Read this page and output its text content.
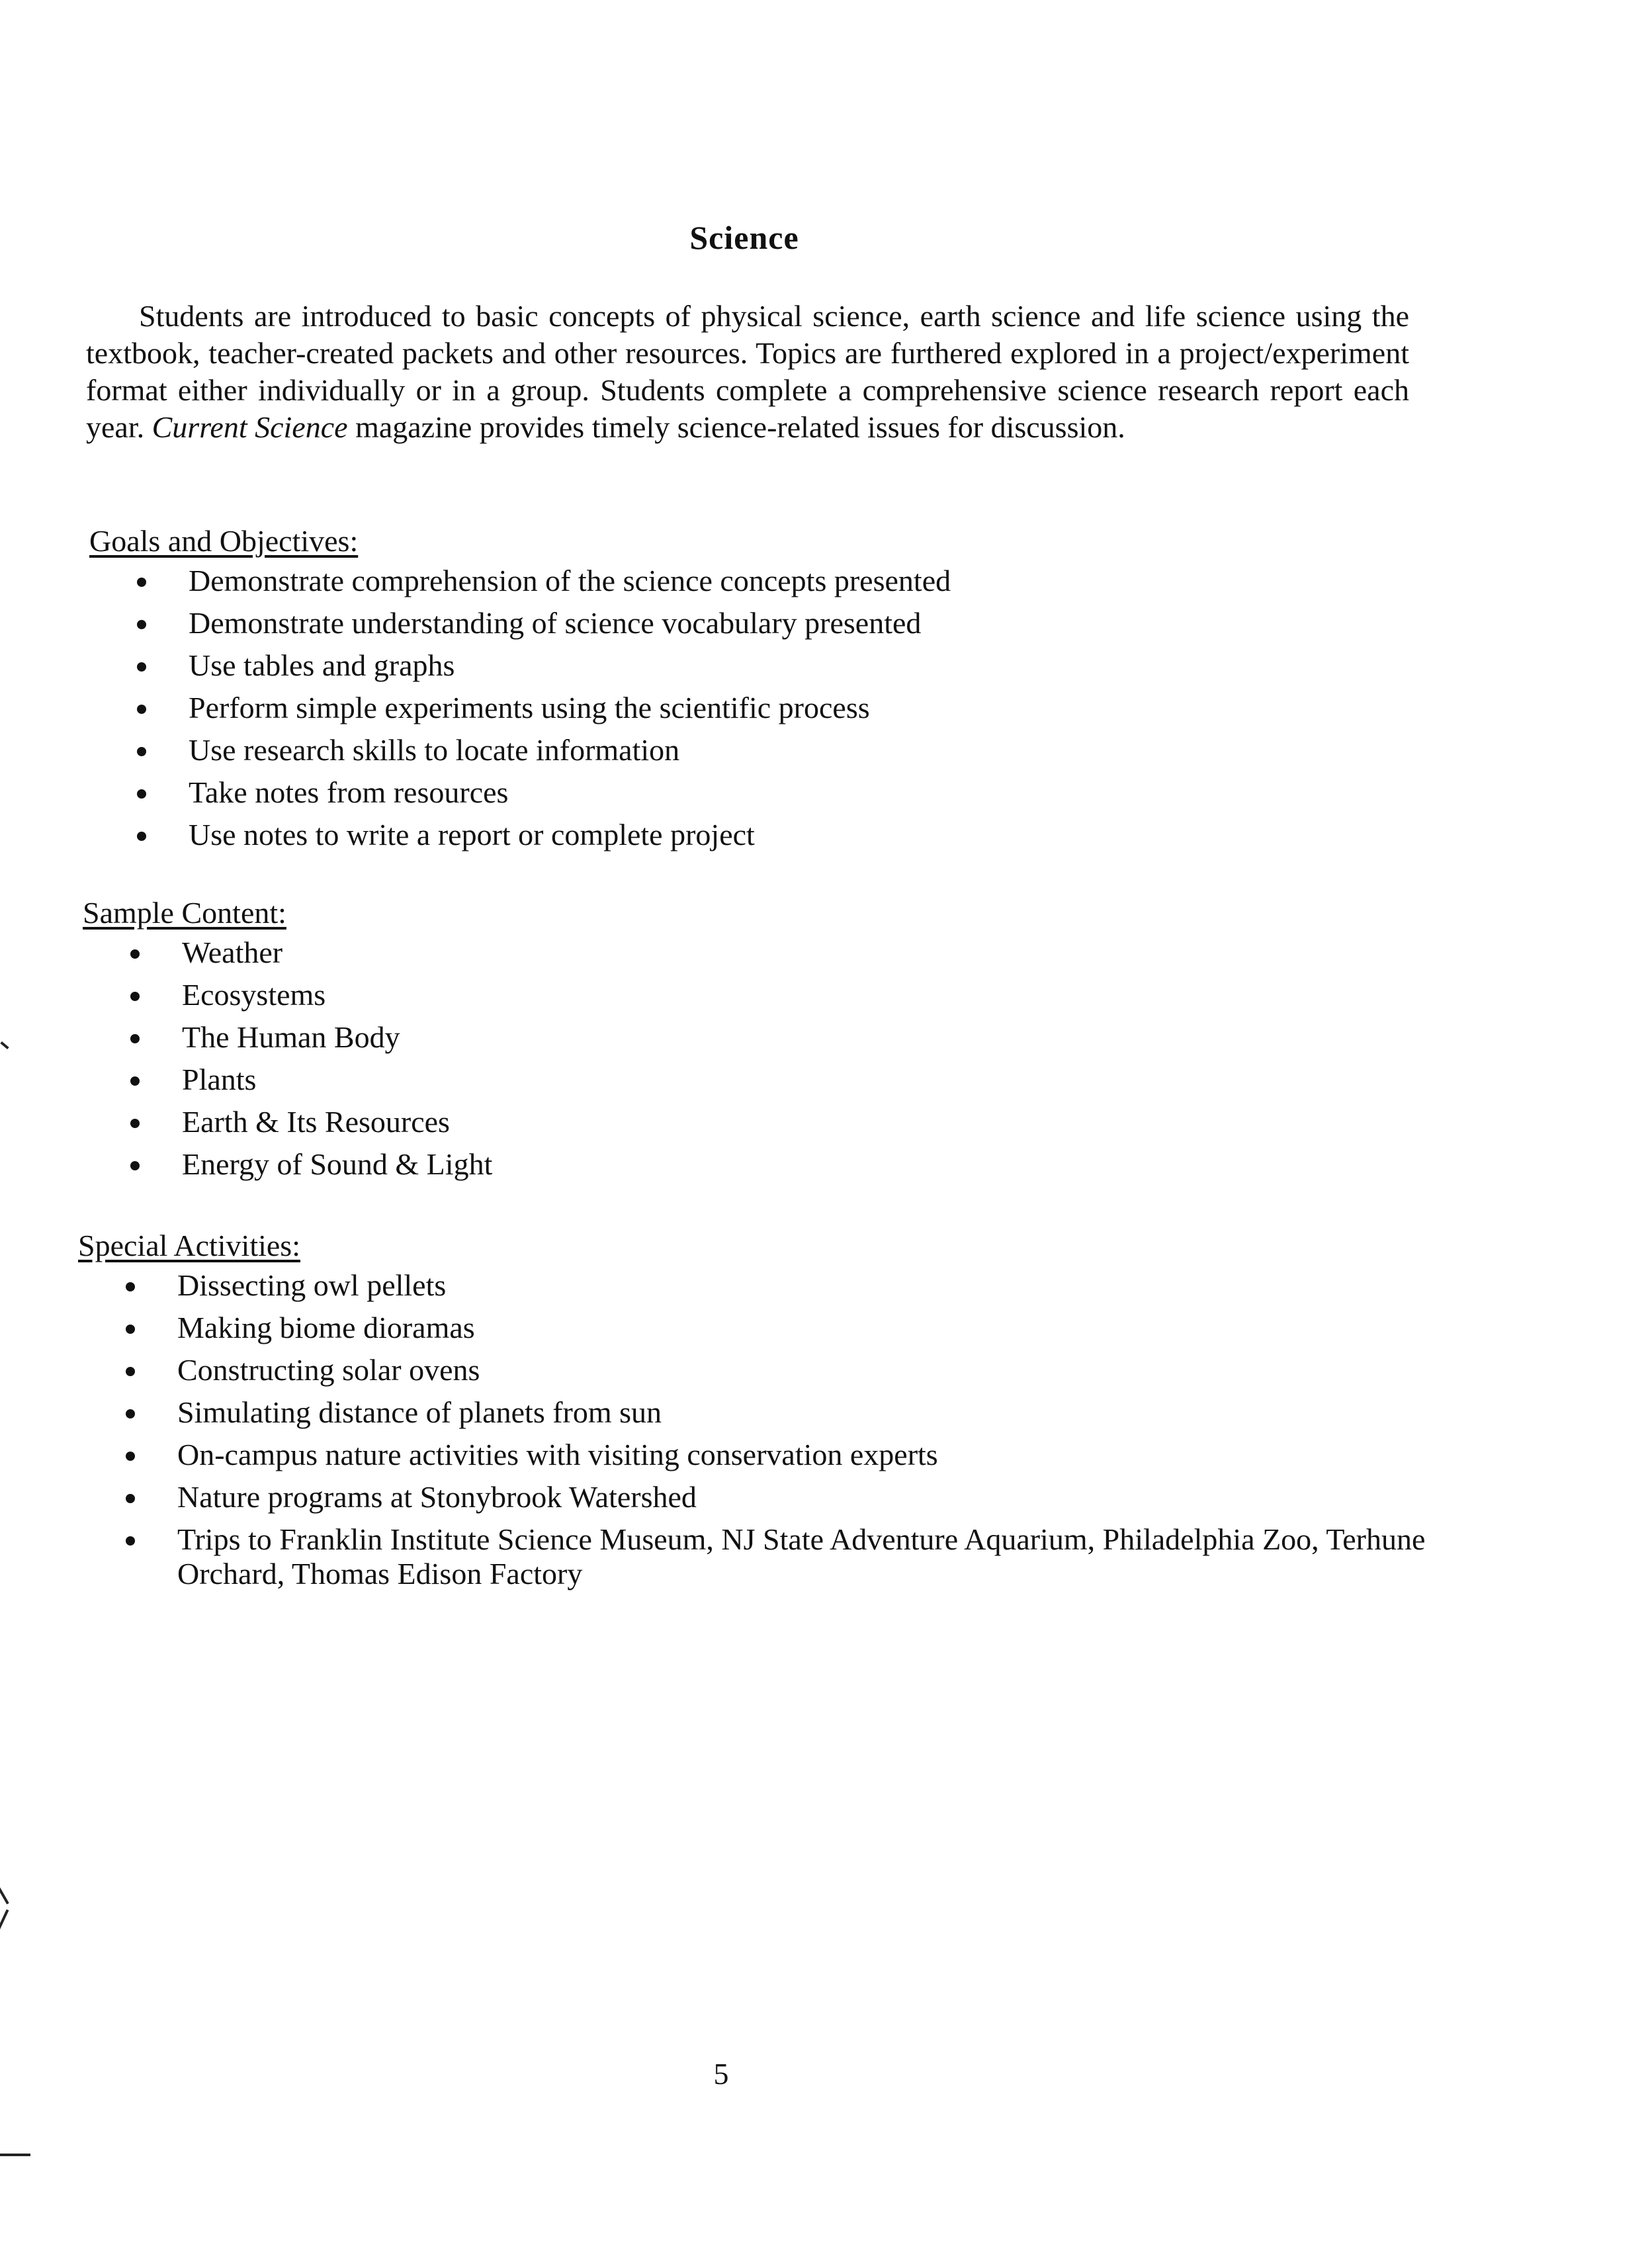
Science

Students are introduced to basic concepts of physical science, earth science and life science using the textbook, teacher-created packets and other resources. Topics are furthered explored in a project/experiment format either individually or in a group. Students complete a comprehensive science research report each year. Current Science magazine provides timely science-related issues for discussion.

Goals and Objectives:

Demonstrate comprehension of the science concepts presented
Demonstrate understanding of science vocabulary presented
Use tables and graphs
Perform simple experiments using the scientific process
Use research skills to locate information
Take notes from resources
Use notes to write a report or complete project

Sample Content:

Weather
Ecosystems
The Human Body
Plants
Earth & Its Resources
Energy of Sound & Light

Special Activities:

Dissecting owl pellets
Making biome dioramas
Constructing solar ovens
Simulating distance of planets from sun
On-campus nature activities with visiting conservation experts
Nature programs at Stonybrook Watershed
Trips to Franklin Institute Science Museum, NJ State Adventure Aquarium, Philadelphia Zoo, Terhune Orchard, Thomas Edison Factory
5
